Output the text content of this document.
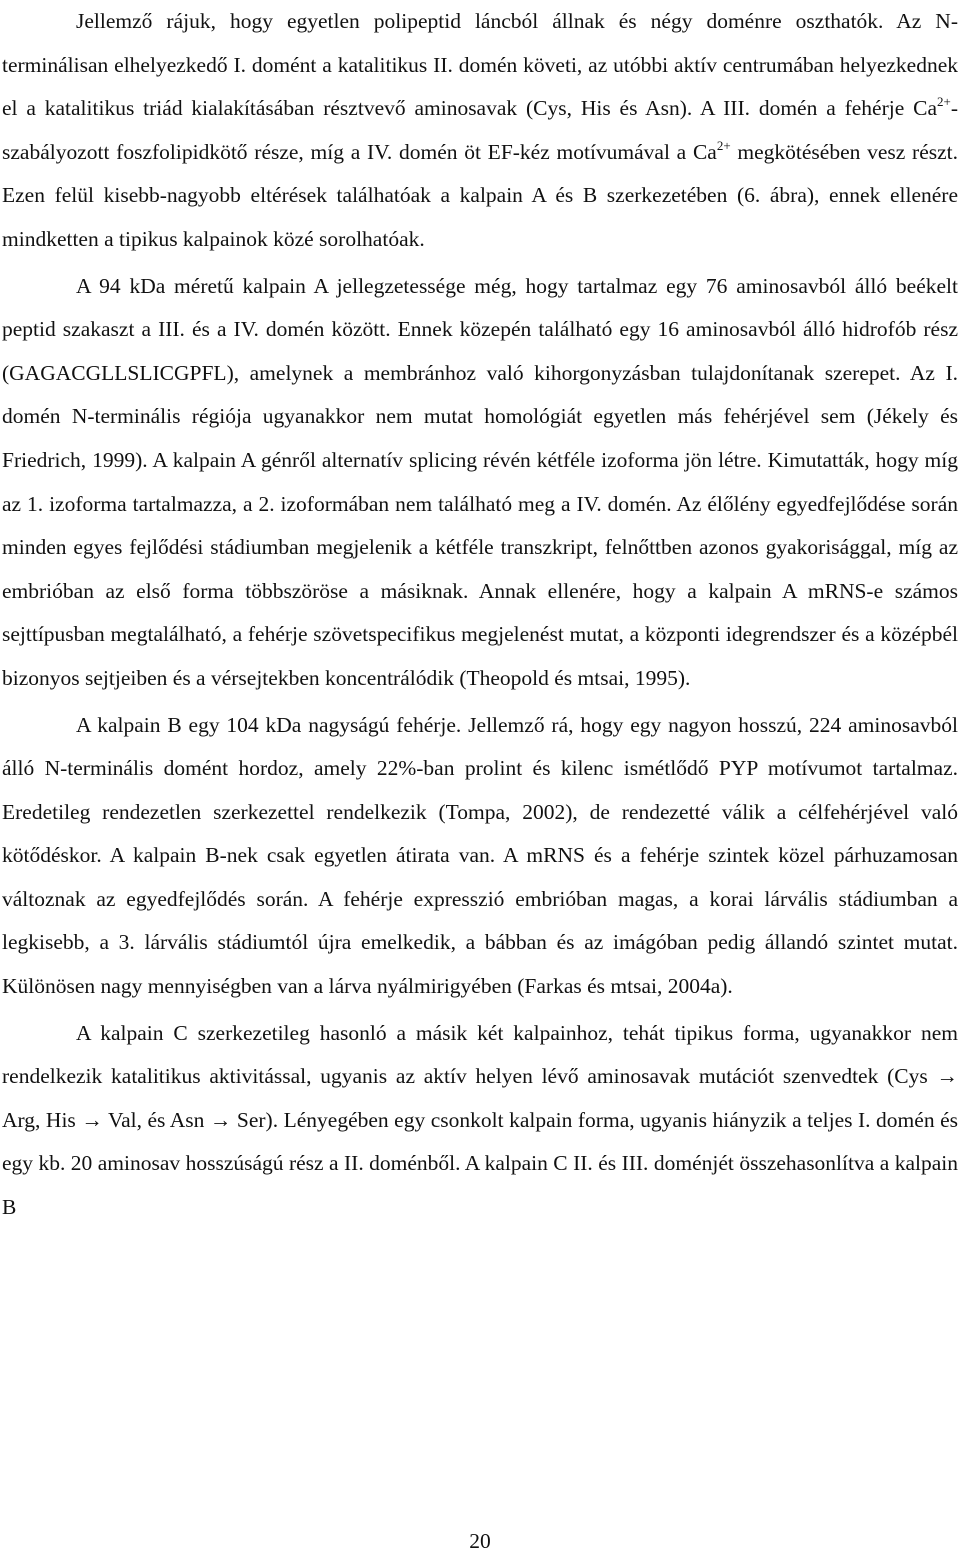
Jellemző rájuk, hogy egyetlen polipeptid láncból állnak és négy doménre oszthatók. Az N-terminálisan elhelyezkedő I. domént a katalitikus II. domén követi, az utóbbi aktív centrumában helyezkednek el a katalitikus triád kialakításában résztvevő aminosavak (Cys, His és Asn). A III. domén a fehérje $Ca^{2+}$-szabályozott foszfolipidkötő része, míg a IV. domén öt EF-kéz motívumával a $Ca^{2+}$ megkötésében vesz részt. Ezen felül kisebb-nagyobb eltérések találhatóak a kalpain A és B szerkezetében (6. ábra), ennek ellenére mindketten a tipikus kalpainok közé sorolhatóak.

A 94 kDa méretű kalpain A jellegzetessége még, hogy tartalmaz egy 76 aminosavból álló beékelt peptid szakaszt a III. és a IV. domén között. Ennek közepén található egy 16 aminosavból álló hidrofób rész (GAGACGLLSLICGPFL), amelynek a membránhoz való kihorgonyzásban tulajdonítanak szerepet. Az I. domén N-terminális régiója ugyanakkor nem mutat homológiát egyetlen más fehérjével sem (Jékely és Friedrich, 1999). A kalpain A génről alternatív splicing révén kétféle izoforma jön létre. Kimutatták, hogy míg az 1. izoforma tartalmazza, a 2. izoformában nem található meg a IV. domén. Az élőlény egyedfejlődése során minden egyes fejlődési stádiumban megjelenik a kétféle transzkript, felnőttben azonos gyakorisággal, míg az embrióban az első forma többszöröse a másiknak. Annak ellenére, hogy a kalpain A mRNS-e számos sejttípusban megtalálható, a fehérje szövetspecifikus megjelenést mutat, a központi idegrendszer és a középbél bizonyos sejtjeiben és a vérsejtekben koncentrálódik (Theopold és mtsai, 1995).

A kalpain B egy 104 kDa nagyságú fehérje. Jellemző rá, hogy egy nagyon hosszú, 224 aminosavból álló N-terminális domént hordoz, amely 22%-ban prolint és kilenc ismétlődő PYP motívumot tartalmaz. Eredetileg rendezetlen szerkezettel rendelkezik (Tompa, 2002), de rendezetté válik a célfehérjével való kötődéskor. A kalpain B-nek csak egyetlen átirata van. A mRNS és a fehérje szintek közel párhuzamosan változnak az egyedfejlődés során. A fehérje expresszió embrióban magas, a korai lárvális stádiumban a legkisebb, a 3. lárvális stádiumtól újra emelkedik, a bábban és az imágóban pedig állandó szintet mutat. Különösen nagy mennyiségben van a lárva nyálmirigyében (Farkas és mtsai, 2004a).

A kalpain C szerkezetileg hasonló a másik két kalpainhoz, tehát tipikus forma, ugyanakkor nem rendelkezik katalitikus aktivitással, ugyanis az aktív helyen lévő aminosavak mutációt szenvedtek (Cys → Arg, His → Val, és Asn → Ser). Lényegében egy csonkolt kalpain forma, ugyanis hiányzik a teljes I. domén és egy kb. 20 aminosav hosszúságú rész a II. doménből. A kalpain C II. és III. doménjét összehasonlítva a kalpain B

20
